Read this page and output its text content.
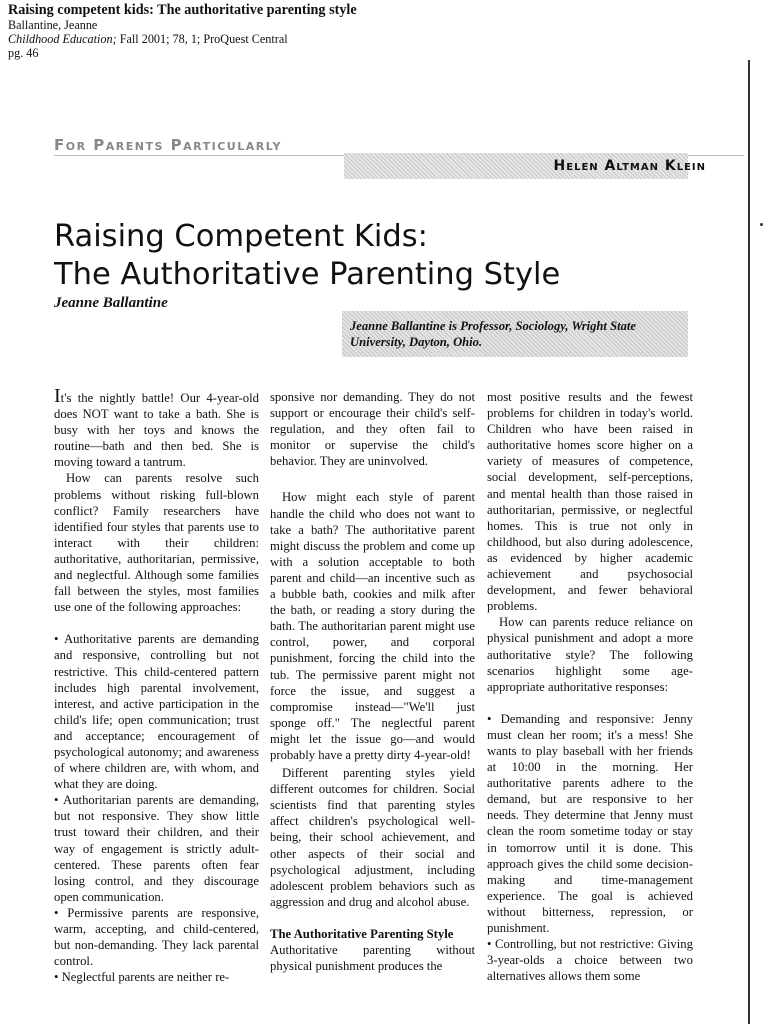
Raising competent kids: The authoritative parenting style
Ballantine, Jeanne
Childhood Education; Fall 2001; 78, 1; ProQuest Central
pg. 46
For Parents Particularly
Helen Altman Klein
Raising Competent Kids:
The Authoritative Parenting Style
Jeanne Ballantine
Jeanne Ballantine is Professor, Sociology, Wright State University, Dayton, Ohio.

It's the nightly battle! Our 4-year-old does NOT want to take a bath. She is busy with her toys and knows the routine—bath and then bed. She is moving toward a tantrum.

How can parents resolve such problems without risking full-blown conflict? Family researchers have identified four styles that parents use to interact with their children: authoritative, authoritarian, permissive, and neglectful. Although some families fall between the styles, most families use one of the following approaches:

• Authoritative parents are demanding and responsive, controlling but not restrictive. This child-centered pattern includes high parental involvement, interest, and active participation in the child's life; open communication; trust and acceptance; encouragement of psychological autonomy; and awareness of where children are, with whom, and what they are doing.

• Authoritarian parents are demanding, but not responsive. They show little trust toward their children, and their way of engagement is strictly adult-centered. These parents often fear losing control, and they discourage open communication.

• Permissive parents are responsive, warm, accepting, and child-centered, but non-demanding. They lack parental control.

• Neglectful parents are neither re-

sponsive nor demanding. They do not support or encourage their child's self-regulation, and they often fail to monitor or supervise the child's behavior. They are uninvolved.

How might each style of parent handle the child who does not want to take a bath? The authoritative parent might discuss the problem and come up with a solution acceptable to both parent and child—an incentive such as a bubble bath, cookies and milk after the bath, or reading a story during the bath. The authoritarian parent might use control, power, and corporal punishment, forcing the child into the tub. The permissive parent might not force the issue, and suggest a compromise instead—"We'll just sponge off." The neglectful parent might let the issue go—and would probably have a pretty dirty 4-year-old!

Different parenting styles yield different outcomes for children. Social scientists find that parenting styles affect children's psychological well-being, their school achievement, and other aspects of their social and psychological adjustment, including adolescent problem behaviors such as aggression and drug and alcohol abuse.

The Authoritative Parenting Style

Authoritative parenting without physical punishment produces the

most positive results and the fewest problems for children in today's world. Children who have been raised in authoritative homes score higher on a variety of measures of competence, social development, self-perceptions, and mental health than those raised in authoritarian, permissive, or neglectful homes. This is true not only in childhood, but also during adolescence, as evidenced by higher academic achievement and psychosocial development, and fewer behavioral problems.

How can parents reduce reliance on physical punishment and adopt a more authoritative style? The following scenarios highlight some age-appropriate authoritative responses:

• Demanding and responsive: Jenny must clean her room; it's a mess! She wants to play baseball with her friends at 10:00 in the morning. Her authoritative parents adhere to the demand, but are responsive to her needs. They determine that Jenny must clean the room sometime today or stay in tomorrow until it is done. This approach gives the child some decision-making and time-management experience. The goal is achieved without bitterness, repression, or punishment.

• Controlling, but not restrictive: Giving 3-year-olds a choice between two alternatives allows them some
